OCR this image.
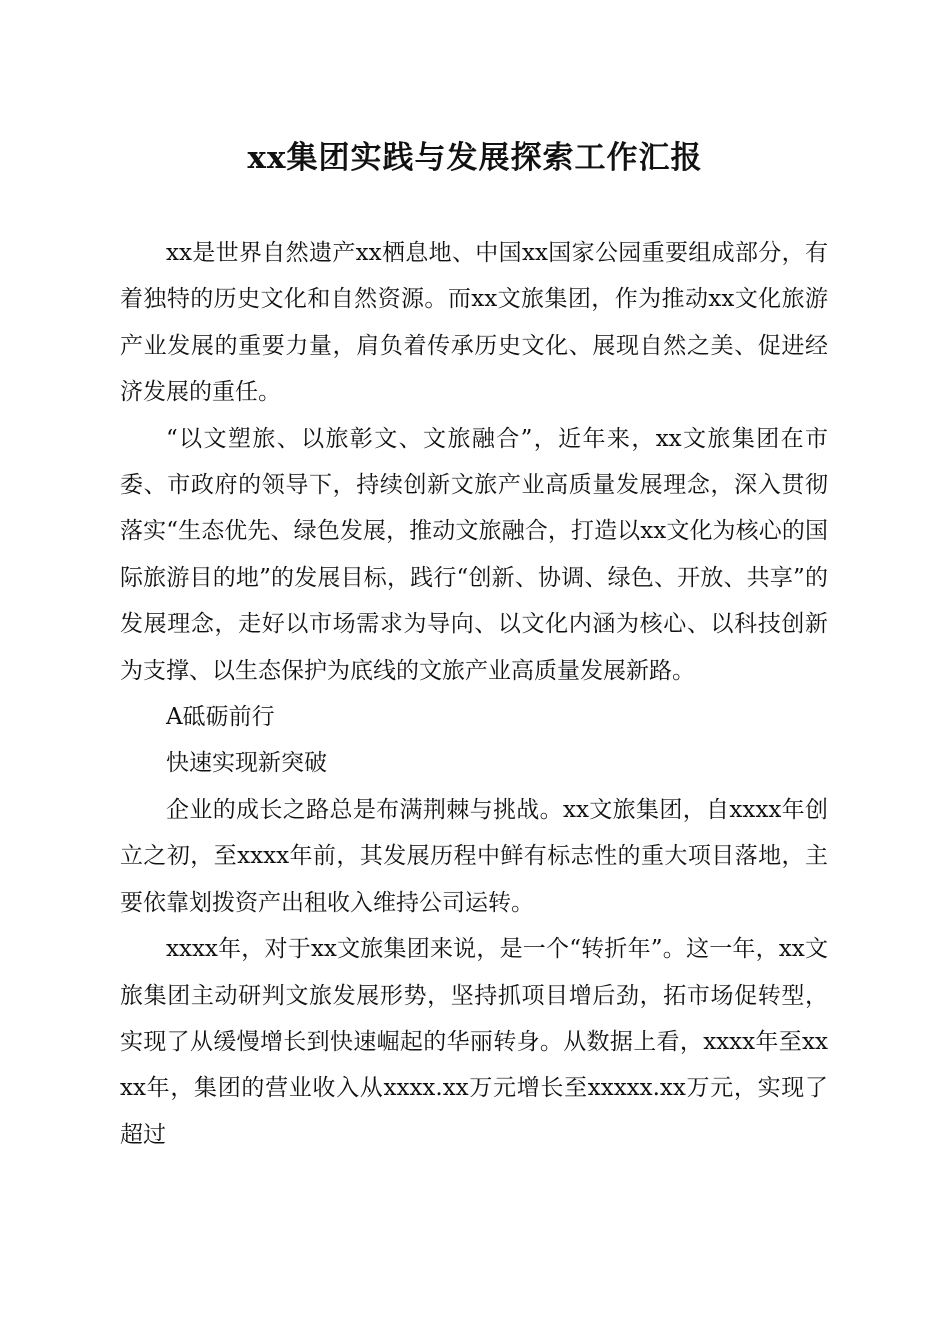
xx集团实践与发展探索工作汇报

xx是世界自然遗产xx栖息地、中国xx国家公园重要组成部分，有着独特的历史文化和自然资源。而xx文旅集团，作为推动xx文化旅游产业发展的重要力量，肩负着传承历史文化、展现自然之美、促进经济发展的重任。

“以文塑旅、以旅彰文、文旅融合”，近年来，xx文旅集团在市委、市政府的领导下，持续创新文旅产业高质量发展理念，深入贯彻落实“生态优先、绿色发展，推动文旅融合，打造以xx文化为核心的国际旅游目的地”的发展目标，践行“创新、协调、绿色、开放、共享”的发展理念，走好以市场需求为导向、以文化内涵为核心、以科技创新为支撑、以生态保护为底线的文旅产业高质量发展新路。

A砥砺前行

快速实现新突破

企业的成长之路总是布满荆棘与挑战。xx文旅集团，自xxxx年创立之初，至xxxx年前，其发展历程中鲜有标志性的重大项目落地，主要依靠划拨资产出租收入维持公司运转。

xxxx年，对于xx文旅集团来说，是一个“转折年”。这一年，xx文旅集团主动研判文旅发展形势，坚持抓项目增后劲，拓市场促转型，实现了从缓慢增长到快速崛起的华丽转身。从数据上看，xxxx年至xxxx年，集团的营业收入从xxxx.xx万元增长至xxxxx.xx万元，实现了超过
